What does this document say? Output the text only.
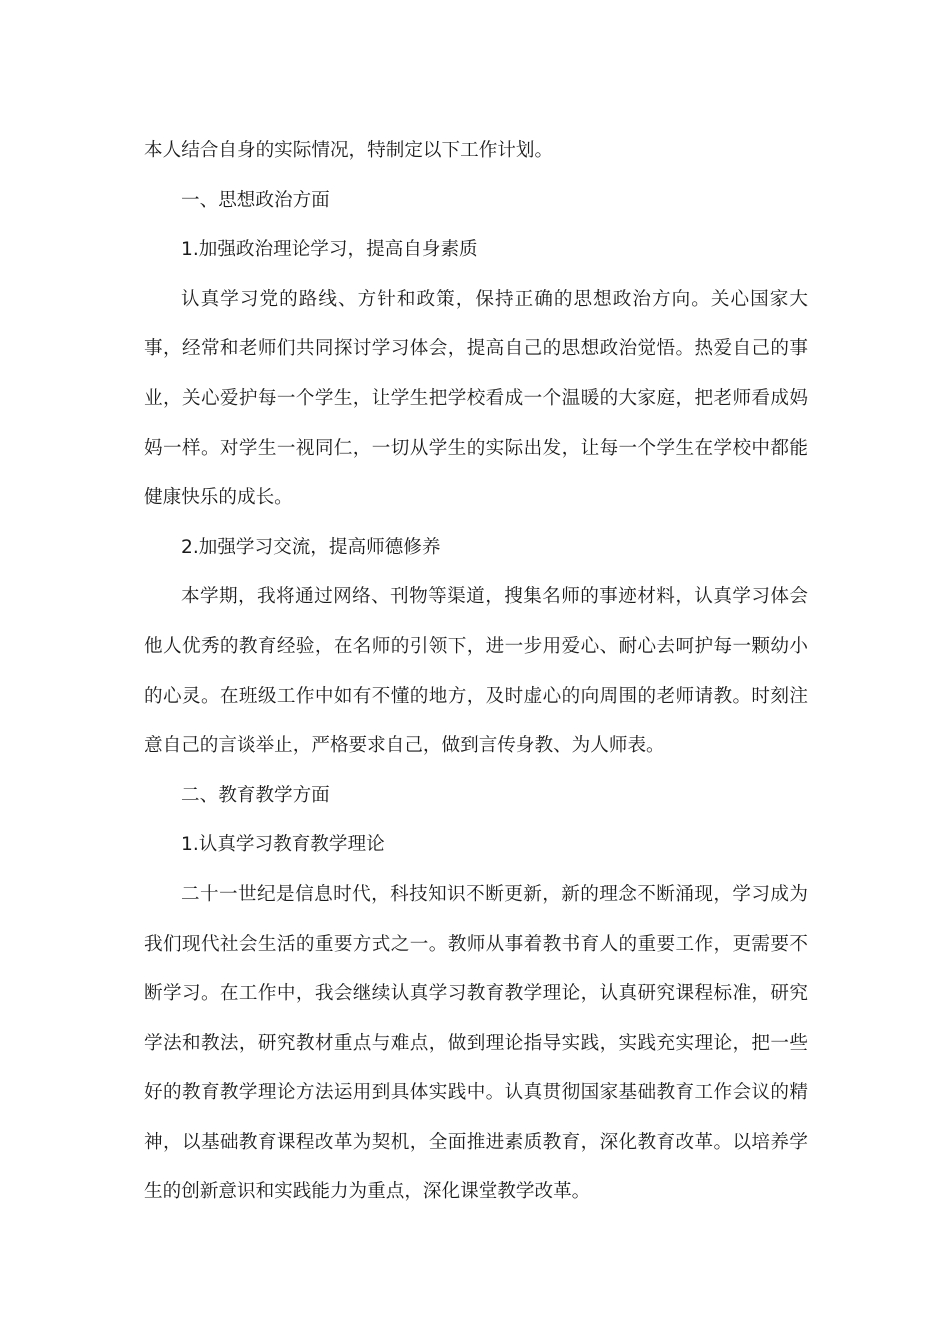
本人结合自身的实际情况，特制定以下工作计划。

一、思想政治方面

1.加强政治理论学习，提高自身素质

认真学习党的路线、方针和政策，保持正确的思想政治方向。关心国家大事，经常和老师们共同探讨学习体会，提高自己的思想政治觉悟。热爱自己的事业，关心爱护每一个学生，让学生把学校看成一个温暖的大家庭，把老师看成妈妈一样。对学生一视同仁，一切从学生的实际出发，让每一个学生在学校中都能健康快乐的成长。

2.加强学习交流，提高师德修养

本学期，我将通过网络、刊物等渠道，搜集名师的事迹材料，认真学习体会他人优秀的教育经验，在名师的引领下，进一步用爱心、耐心去呵护每一颗幼小的心灵。在班级工作中如有不懂的地方，及时虚心的向周围的老师请教。时刻注意自己的言谈举止，严格要求自己，做到言传身教、为人师表。

二、教育教学方面

1.认真学习教育教学理论

二十一世纪是信息时代，科技知识不断更新，新的理念不断涌现，学习成为我们现代社会生活的重要方式之一。教师从事着教书育人的重要工作，更需要不断学习。在工作中，我会继续认真学习教育教学理论，认真研究课程标准，研究学法和教法，研究教材重点与难点，做到理论指导实践，实践充实理论，把一些好的教育教学理论方法运用到具体实践中。认真贯彻国家基础教育工作会议的精神，以基础教育课程改革为契机，全面推进素质教育，深化教育改革。以培养学生的创新意识和实践能力为重点，深化课堂教学改革。
